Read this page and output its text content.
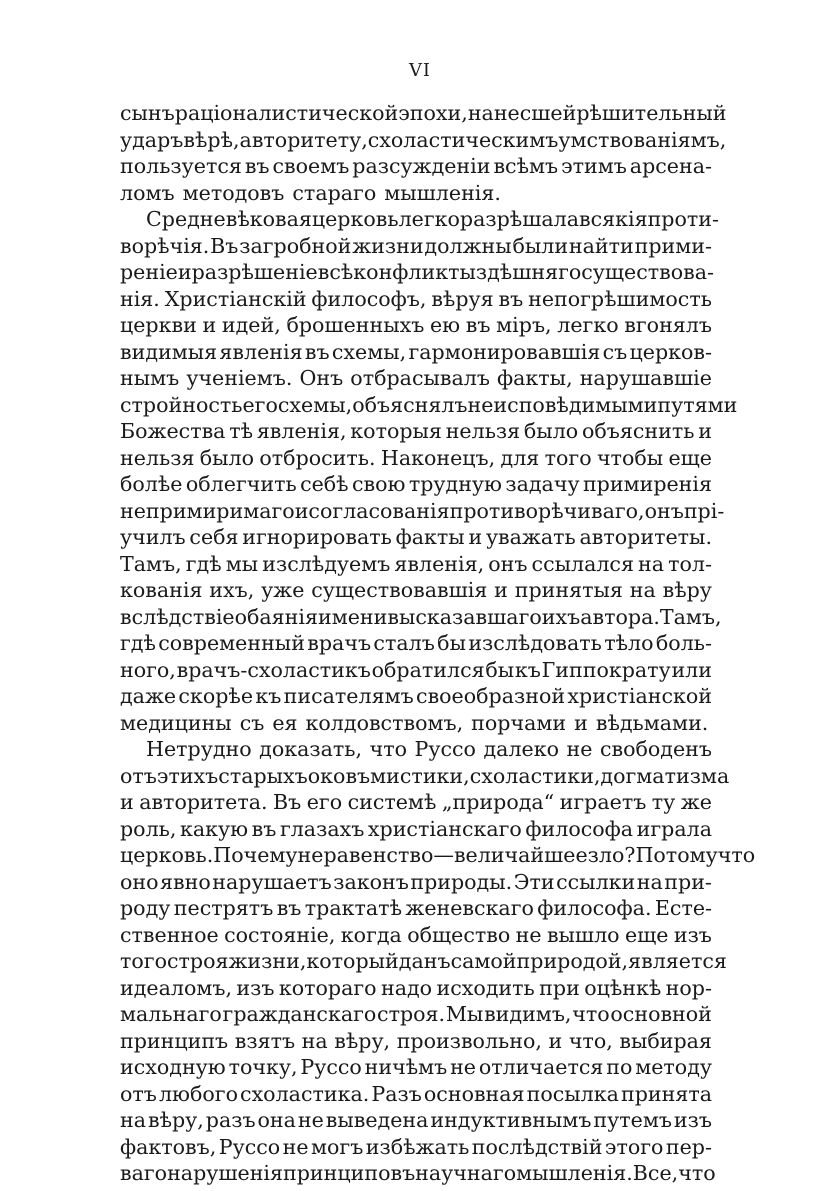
VI
сынъ раціоналистической эпохи, нанесшей рѣшительный
ударъ вѣрѣ, авторитету, схоластическимъ умствованіямъ,
пользуется въ своемъ разсужденіи всѣмъ этимъ арсена-
ломъ методовъ стараго мышленія.
Средневѣковая церковь легко разрѣшала всякія проти-
ворѣчія. Въ загробной жизни должны были найти прими-
реніе и разрѣшеніе всѣ конфликты здѣшняго существова-
нія. Христіанскій философъ, вѣруя въ непогрѣшимость
церкви и идей, брошенныхъ ею въ міръ, легко вгонялъ
видимыя явленія въ схемы, гармонировавшія съ церков-
нымъ ученіемъ. Онъ отбрасывалъ факты, нарушавшіе
стройность его схемы, объяснялъ неисповѣдимыми путями
Божества тѣ явленія, которыя нельзя было объяснить и
нельзя было отбросить. Наконецъ, для того чтобы еще
болѣе облегчить себѣ свою трудную задачу примиренія
непримиримаго и согласованія противорѣчиваго, онъ прі-
училъ себя игнорировать факты и уважать авторитеты.
Тамъ, гдѣ мы изслѣдуемъ явленія, онъ ссылался на тол-
кованія ихъ, уже существовавшія и принятыя на вѣру
вслѣдствіе обаянія имени высказавшаго ихъ автора. Тамъ,
гдѣ современный врачъ сталъ бы изслѣдовать тѣло боль-
ного, врачъ-схоластикъ обратился бы къ Гиппократу или
даже скорѣе къ писателямъ своеобразной христіанской
медицины съ ея колдовствомъ, порчами и вѣдьмами.
Нетрудно доказать, что Руссо далеко не свободенъ
отъ этихъ старыхъ оковъ мистики, схоластики, догматизма
и авторитета. Въ его системѣ „природа“ играетъ ту же
роль, какую въ глазахъ христіанскаго философа играла
церковь. Почему неравенство—величайшее зло? Потому что
оно явно нарушаетъ законъ природы. Эти ссылки на при-
роду пестрятъ въ трактатѣ женевскаго философа. Есте-
ственное состояніе, когда общество не вышло еще изъ
того строя жизни, который данъ самой природой, является
идеаломъ, изъ котораго надо исходить при оцѣнкѣ нор-
мальнаго гражданскаго строя. Мы видимъ, что основной
принципъ взятъ на вѣру, произвольно, и что, выбирая
исходную точку, Руссо ничѣмъ не отличается по методу
отъ любого схоластика. Разъ основная посылка принята
на вѣру, разъ она не выведена индуктивнымъ путемъ изъ
фактовъ, Руссо не могъ избѣжать послѣдствій этого пер-
ваго нарушенія принциповъ научнаго мышленія. Все, что
